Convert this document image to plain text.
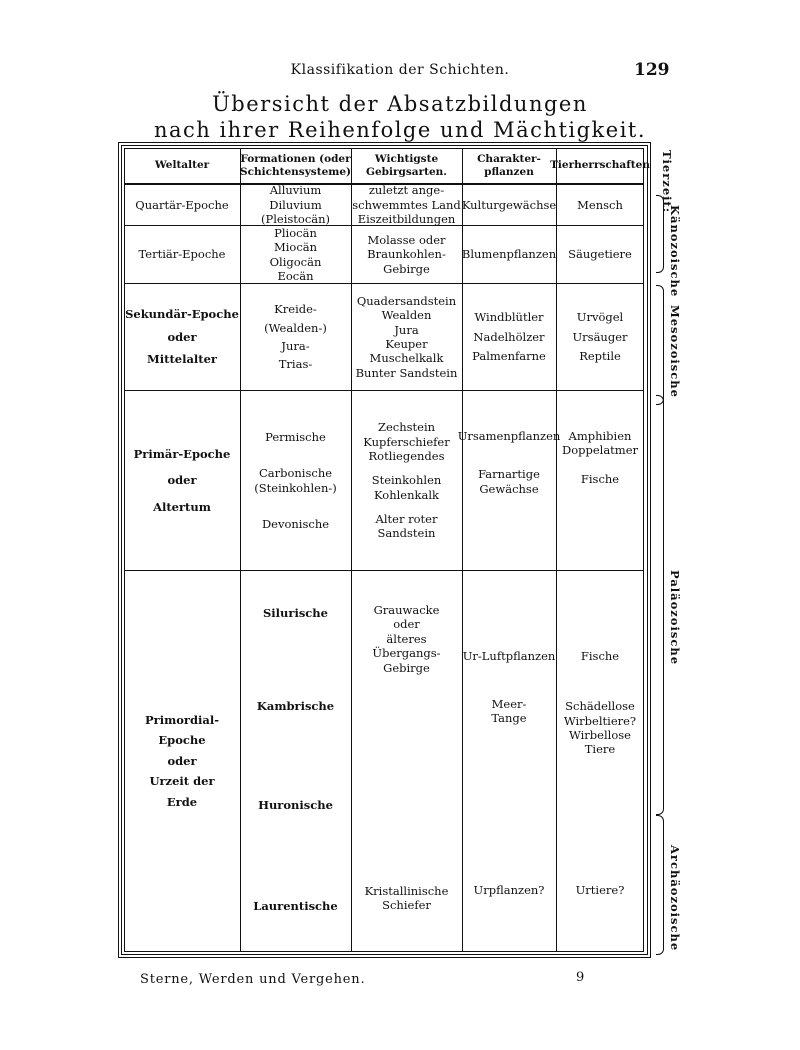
Klassifikation der Schichten.	129
Übersicht der Absatzbildungen
nach ihrer Reihenfolge und Mächtigkeit.
Weltalter
Formationen (oder
Schichtensysteme)
Wichtigste
Gebirgsarten.
Charakter-
pflanzen
Tierherrschaften
Quartär-Epoche
Alluvium
Diluvium (Pleistocän)
zuletzt ange-
schwemmtes Land
Eiszeitbildungen
Kulturgewächse Mensch
Tertiär-Epoche
Pliocän
Miocän
Oligocän
Eocän
Molasse oder
Braunkohlen-Gebirge
Blumenpflanzen Säugetiere
Sekundär-Epoche
oder
Mittelalter
Kreide-
(Wealden-)
Jura-
Trias-
Quadersandstein
Wealden
Jura
Keuper
Muschelkalk
Bunter Sandstein
Windblütler
Nadelhölzer
Palmenfarne
Urvögel
Ursäuger
Reptile
Primär-Epoche
oder
Altertum
Permische
Carbonische
(Steinkohlen-)
Devonische
Zechstein
Kupferschiefer
Rotliegendes
Steinkohlen
Kohlenkalk
Alter roter
Sandstein
Ursamenpflanzen
Farnartige
Gewächse
Amphibien
Doppelatmer
Fische
Primordial-
Epoche
oder
Urzeit der
Erde
Silurische
Kambrische
Huronische
Laurentische
Grauwacke
oder
älteres Übergangs-
Gebirge
Kristallinische
Schiefer
Ur-Luftpflanzen
Meer-
Tange
Urpflanzen?
Fische
Schädellose
Wirbeltiere?
Wirbellose
Tiere
Urtiere?
Tierzeit:
Känozoische
Mesozoische
Paläozoische
Archäozoische
Sterne, Werden und Vergehen.	9
